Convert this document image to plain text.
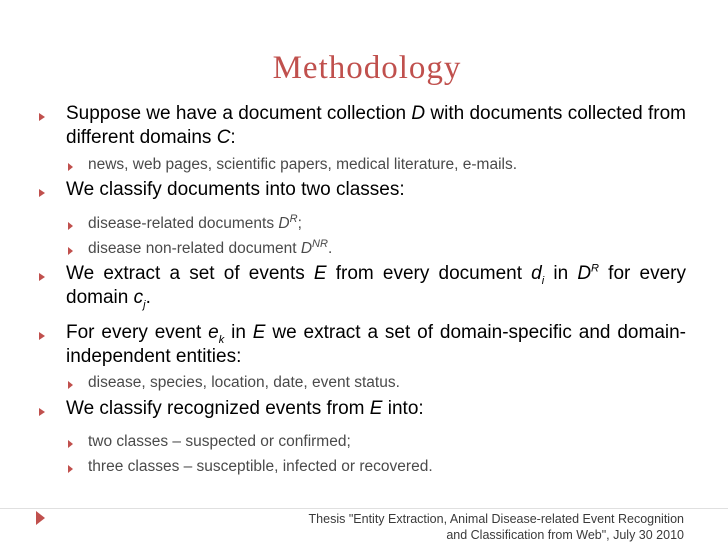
Methodology
Suppose we have a document collection D with documents collected from different domains C:
news, web pages, scientific papers, medical literature, e-mails.
We classify documents into two classes:
disease-related documents $D^R$;
disease non-related document $D^{NR}$.
We extract a set of events E from every document $d_i$ in $D^R$ for every domain $c_j$.
For every event $e_k$ in E we extract a set of domain-specific and domain-independent entities:
disease, species, location, date, event status.
We classify recognized events from E into:
two classes – suspected or confirmed;
three classes – susceptible, infected or recovered.
Thesis "Entity Extraction, Animal Disease-related Event Recognition
and Classification from Web", July 30 2010
